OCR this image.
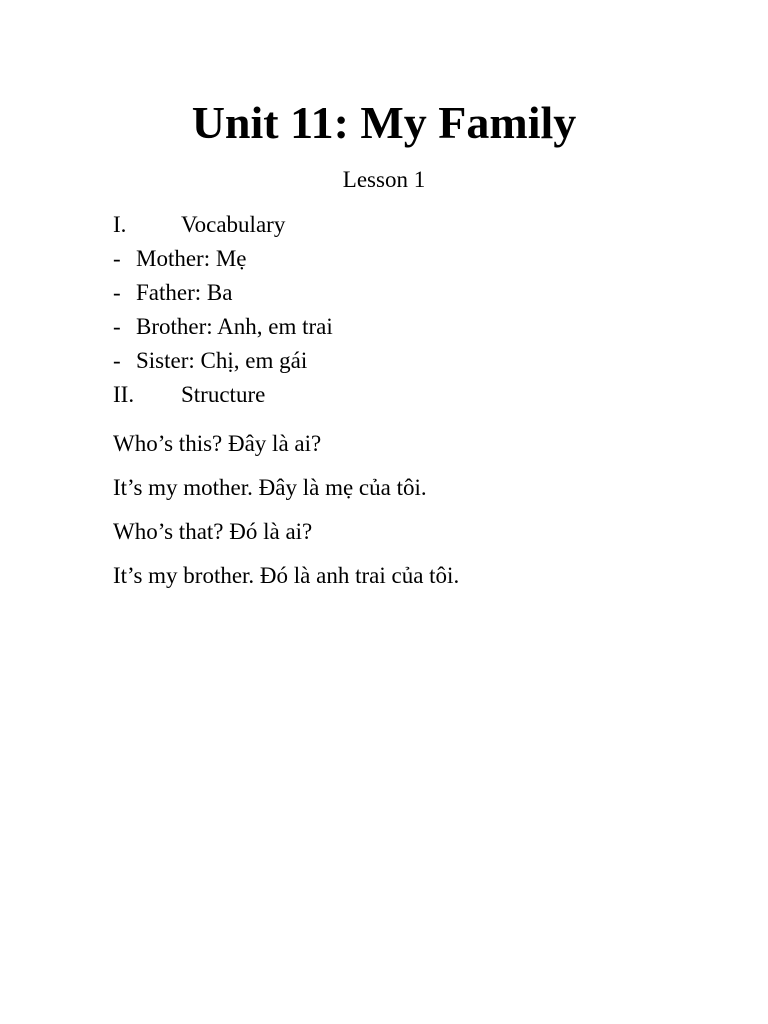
Unit 11: My Family

Lesson 1

I.	Vocabulary
- Mother: Mẹ
- Father: Ba
- Brother: Anh, em trai
- Sister: Chị, em gái
II.	Structure
Who’s this? Đây là ai?
It’s my mother. Đây là mẹ của tôi.
Who’s that? Đó là ai?
It’s my brother. Đó là anh trai của tôi.
